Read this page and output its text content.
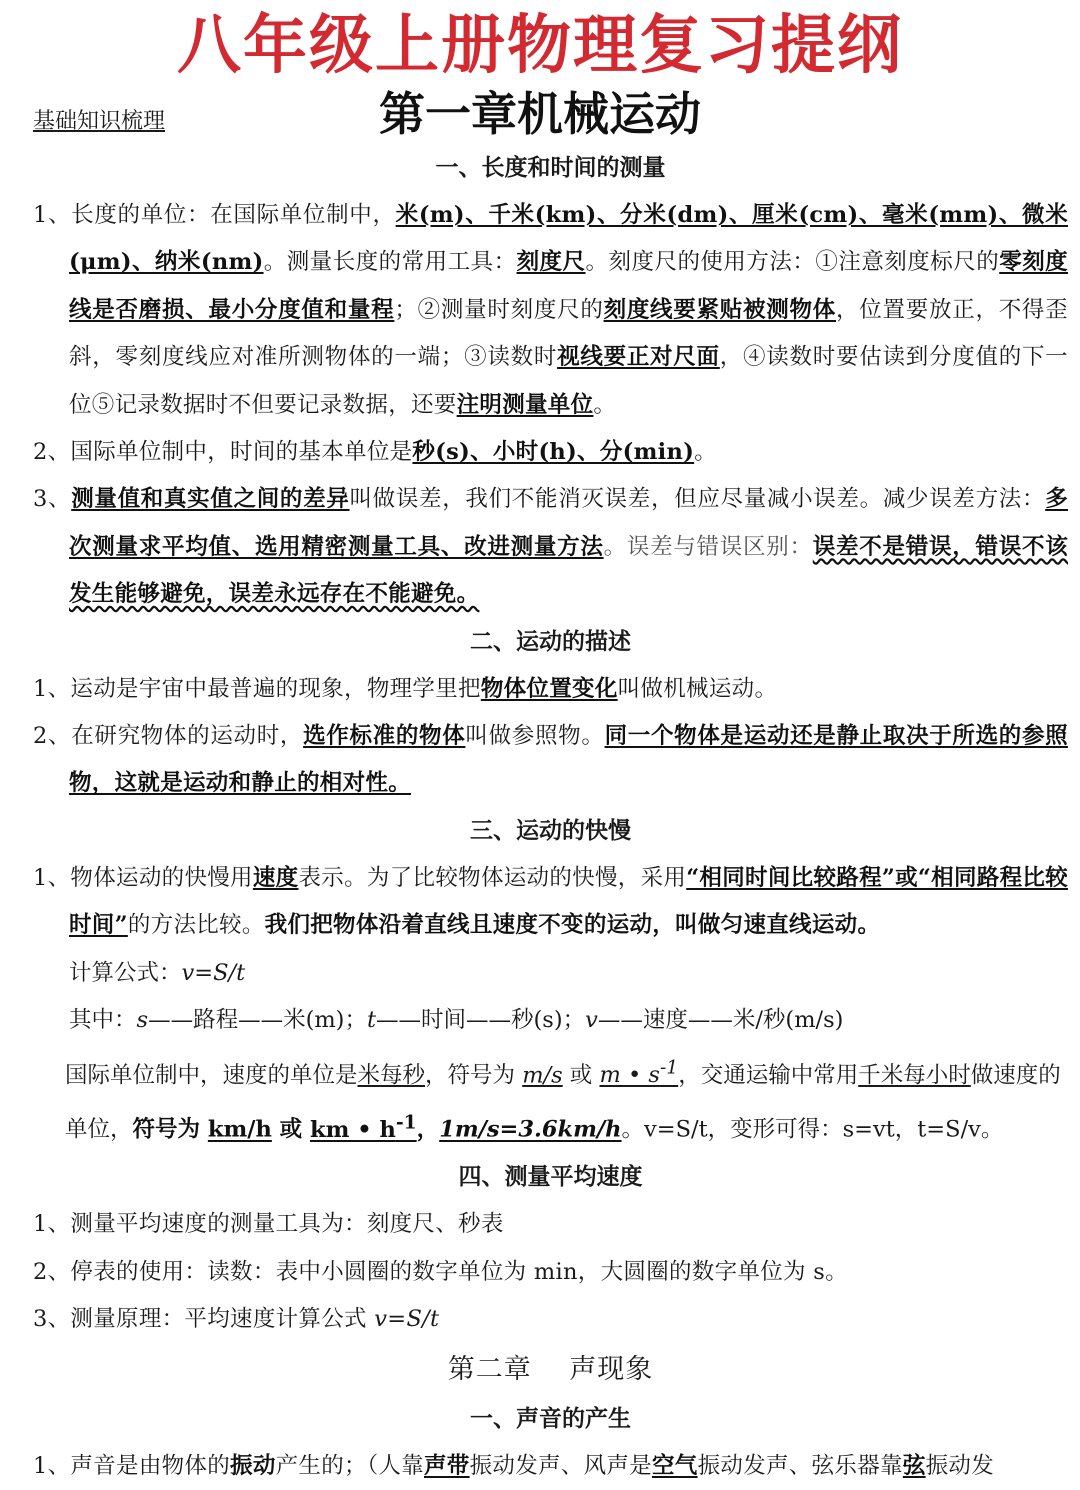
八年级上册物理复习提纲
第一章机械运动
基础知识梳理
一、长度和时间的测量
1、长度的单位：在国际单位制中，米(m)、千米(km)、分米(dm)、厘米(cm)、毫米(mm)、微米(μm)、纳米(nm)。测量长度的常用工具：刻度尺。刻度尺的使用方法：①注意刻度标尺的零刻度线是否磨损、最小分度值和量程；②测量时刻度尺的刻度线要紧贴被测物体，位置要放正，不得歪斜，零刻度线应对准所测物体的一端；③读数时视线要正对尺面，④读数时要估读到分度值的下一位⑤记录数据时不但要记录数据，还要注明测量单位。
2、国际单位制中，时间的基本单位是秒(s)、小时(h)、分(min)。
3、测量值和真实值之间的差异叫做误差，我们不能消灭误差，但应尽量减小误差。减少误差方法：多次测量求平均值、选用精密测量工具、改进测量方法。误差与错误区别：误差不是错误，错误不该发生能够避免，误差永远存在不能避免。
二、运动的描述
1、运动是宇宙中最普遍的现象，物理学里把物体位置变化叫做机械运动。
2、在研究物体的运动时，选作标准的物体叫做参照物。同一个物体是运动还是静止取决于所选的参照物，这就是运动和静止的相对性。
三、运动的快慢
1、物体运动的快慢用速度表示。为了比较物体运动的快慢，采用“相同时间比较路程”或“相同路程比较时间”的方法比较。我们把物体沿着直线且速度不变的运动，叫做匀速直线运动。
计算公式：v=S/t
其中：s——路程——米(m)；t——时间——秒(s)；v——速度——米/秒(m/s)
国际单位制中，速度的单位是米每秒，符号为 m/s 或 m • $s^{-1}$，交通运输中常用千米每小时做速度的单位，符号为 km/h 或 km • $h^{-1}$，1m/s=3.6km/h。v=S/t，变形可得：s=vt，t=S/v。
四、测量平均速度
1、测量平均速度的测量工具为：刻度尺、秒表
2、停表的使用：读数：表中小圆圈的数字单位为 min，大圆圈的数字单位为 s。
3、测量原理：平均速度计算公式 v=S/t
第二章　 声现象
一、声音的产生
1、声音是由物体的振动产生的；（人靠声带振动发声、风声是空气振动发声、弦乐器靠弦振动发
